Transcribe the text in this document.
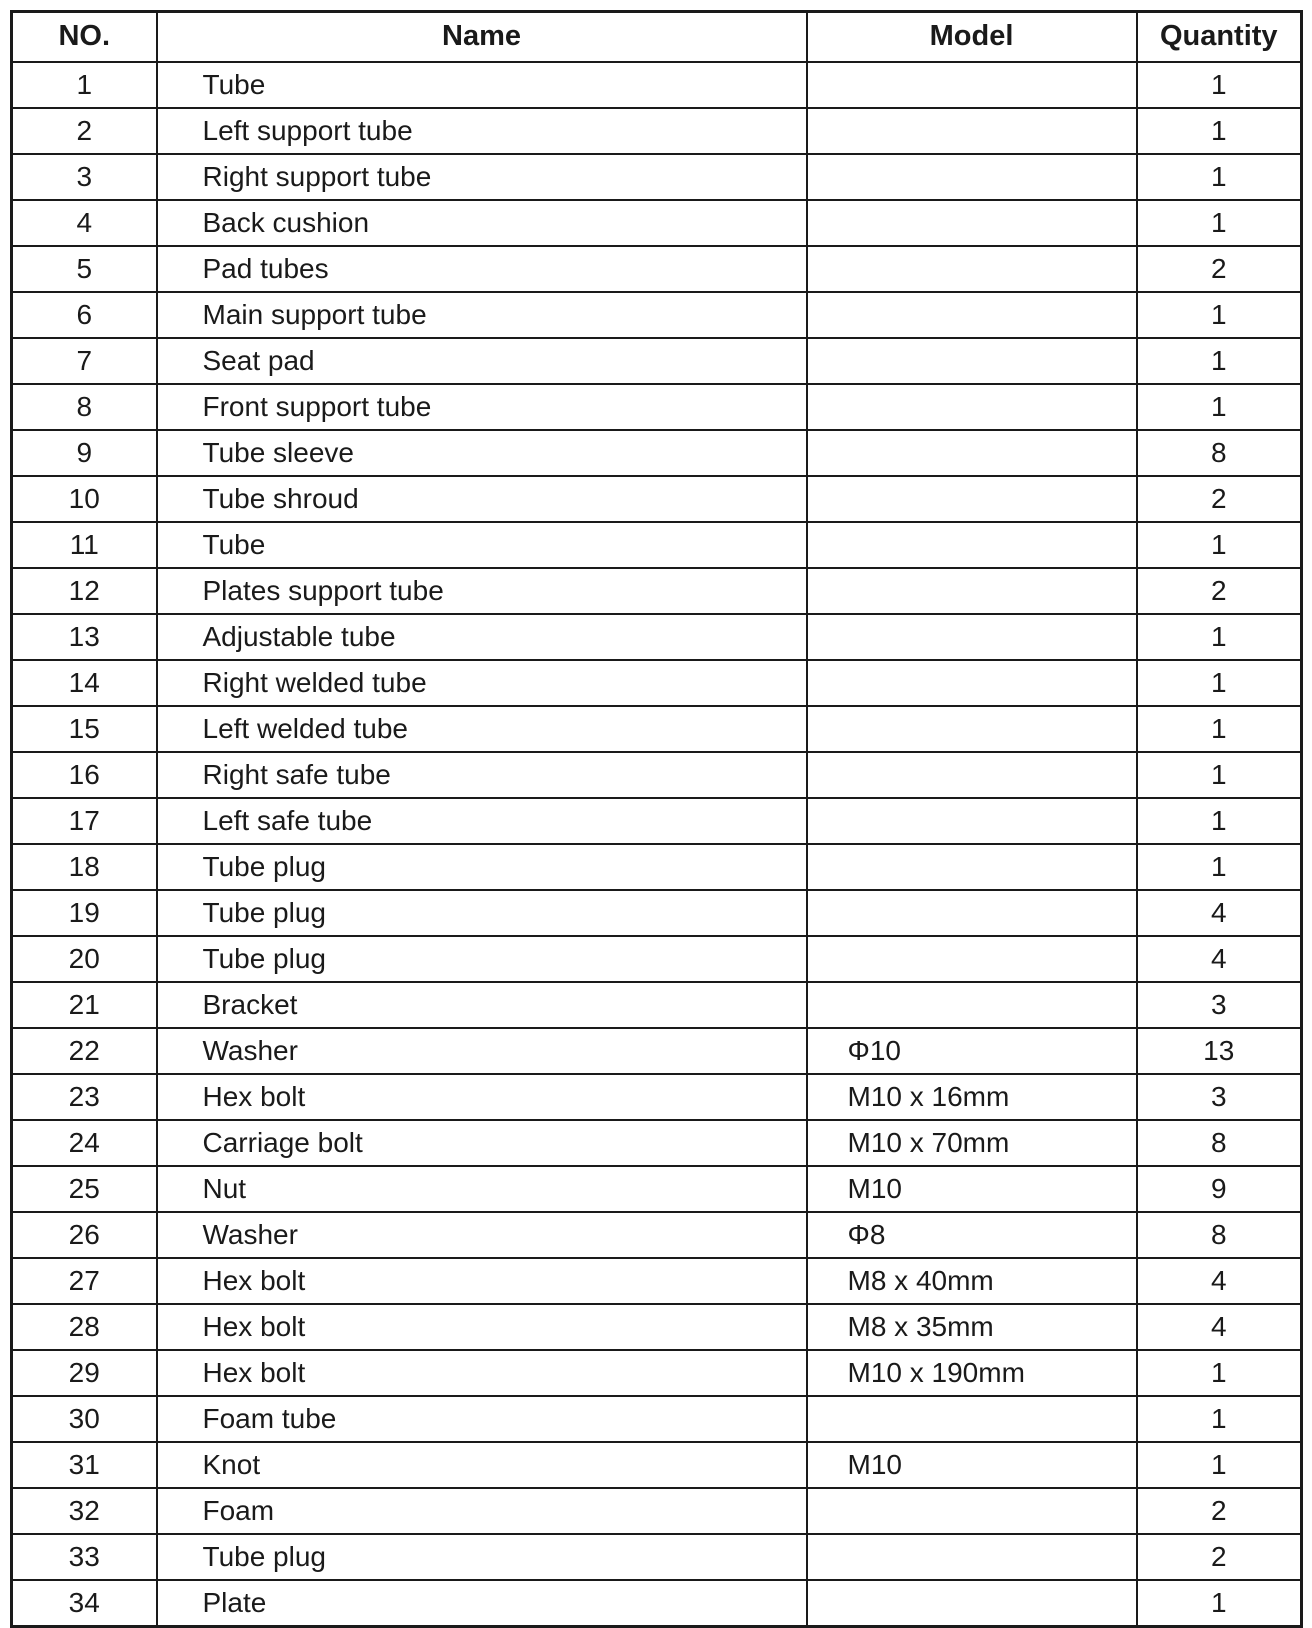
NO.	Name	Model	Quantity
1	Tube		1
2	Left support tube		1
3	Right support tube		1
4	Back cushion		1
5	Pad tubes		2
6	Main support tube		1
7	Seat pad		1
8	Front support tube		1
9	Tube sleeve		8
10	Tube shroud		2
11	Tube		1
12	Plates support tube		2
13	Adjustable tube		1
14	Right welded tube		1
15	Left welded tube		1
16	Right safe tube		1
17	Left safe tube		1
18	Tube plug		1
19	Tube plug		4
20	Tube plug		4
21	Bracket		3
22	Washer	Φ10	13
23	Hex bolt	M10 x 16mm	3
24	Carriage bolt	M10 x 70mm	8
25	Nut	M10	9
26	Washer	Φ8	8
27	Hex bolt	M8 x 40mm	4
28	Hex bolt	M8 x 35mm	4
29	Hex bolt	M10 x 190mm	1
30	Foam tube		1
31	Knot	M10	1
32	Foam		2
33	Tube plug		2
34	Plate		1
